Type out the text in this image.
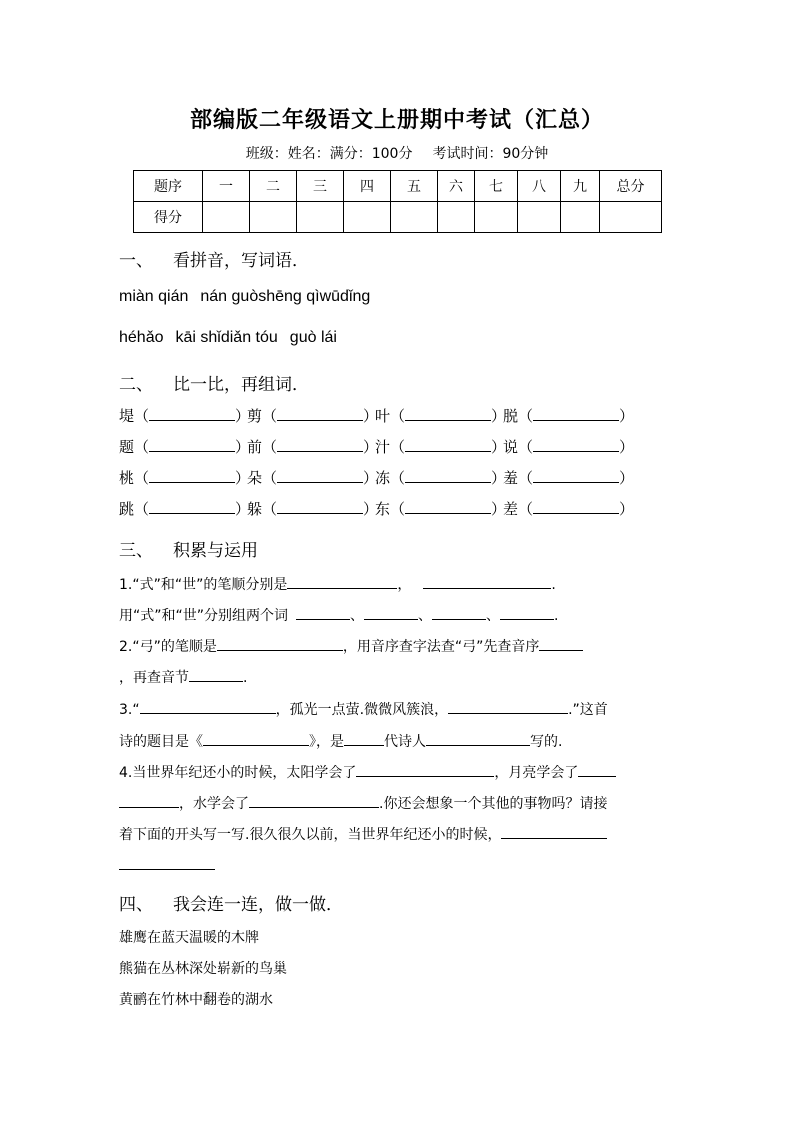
部编版二年级语文上册期中考试（汇总）
班级：姓名：满分：100分 考试时间：90分钟
题序	一	二	三	四	五	六	七	八	九	总分
得分										
一、 看拼音，写词语．
miàn qián nán guòshēng qìwūdǐng
héhǎo kāi shǐdiǎn tóu guò lái
二、 比一比，再组词．
堤（	）剪（	）叶（	）脱（	）
题（	）前（	）汁（	）说（	）
桃（	）朵（	）冻（	）羞（	）
跳（	）躲（	）东（	）差（	）
三、 积累与运用
1.“式”和“世”的笔顺分别是	，	.
用“式”和“世”分别组两个词	、	、	、	.
2.“弓”的笔顺是	，用音序查字法查“弓”先查音序
，再查音节	.
3.“	，孤光一点萤.微微风簇浪，	.”这首
诗的题目是《	》，是	代诗人	写的.
4.当世界年纪还小的时候，太阳学会了	，月亮学会了
，水学会了	.你还会想象一个其他的事物吗？请接
着下面的开头写一写.很久很久以前，当世界年纪还小的时候，
四、 我会连一连，做一做．
雄鹰在蓝天温暖的木牌
熊猫在丛林深处崭新的鸟巢
黄鹂在竹林中翻卷的湖水
